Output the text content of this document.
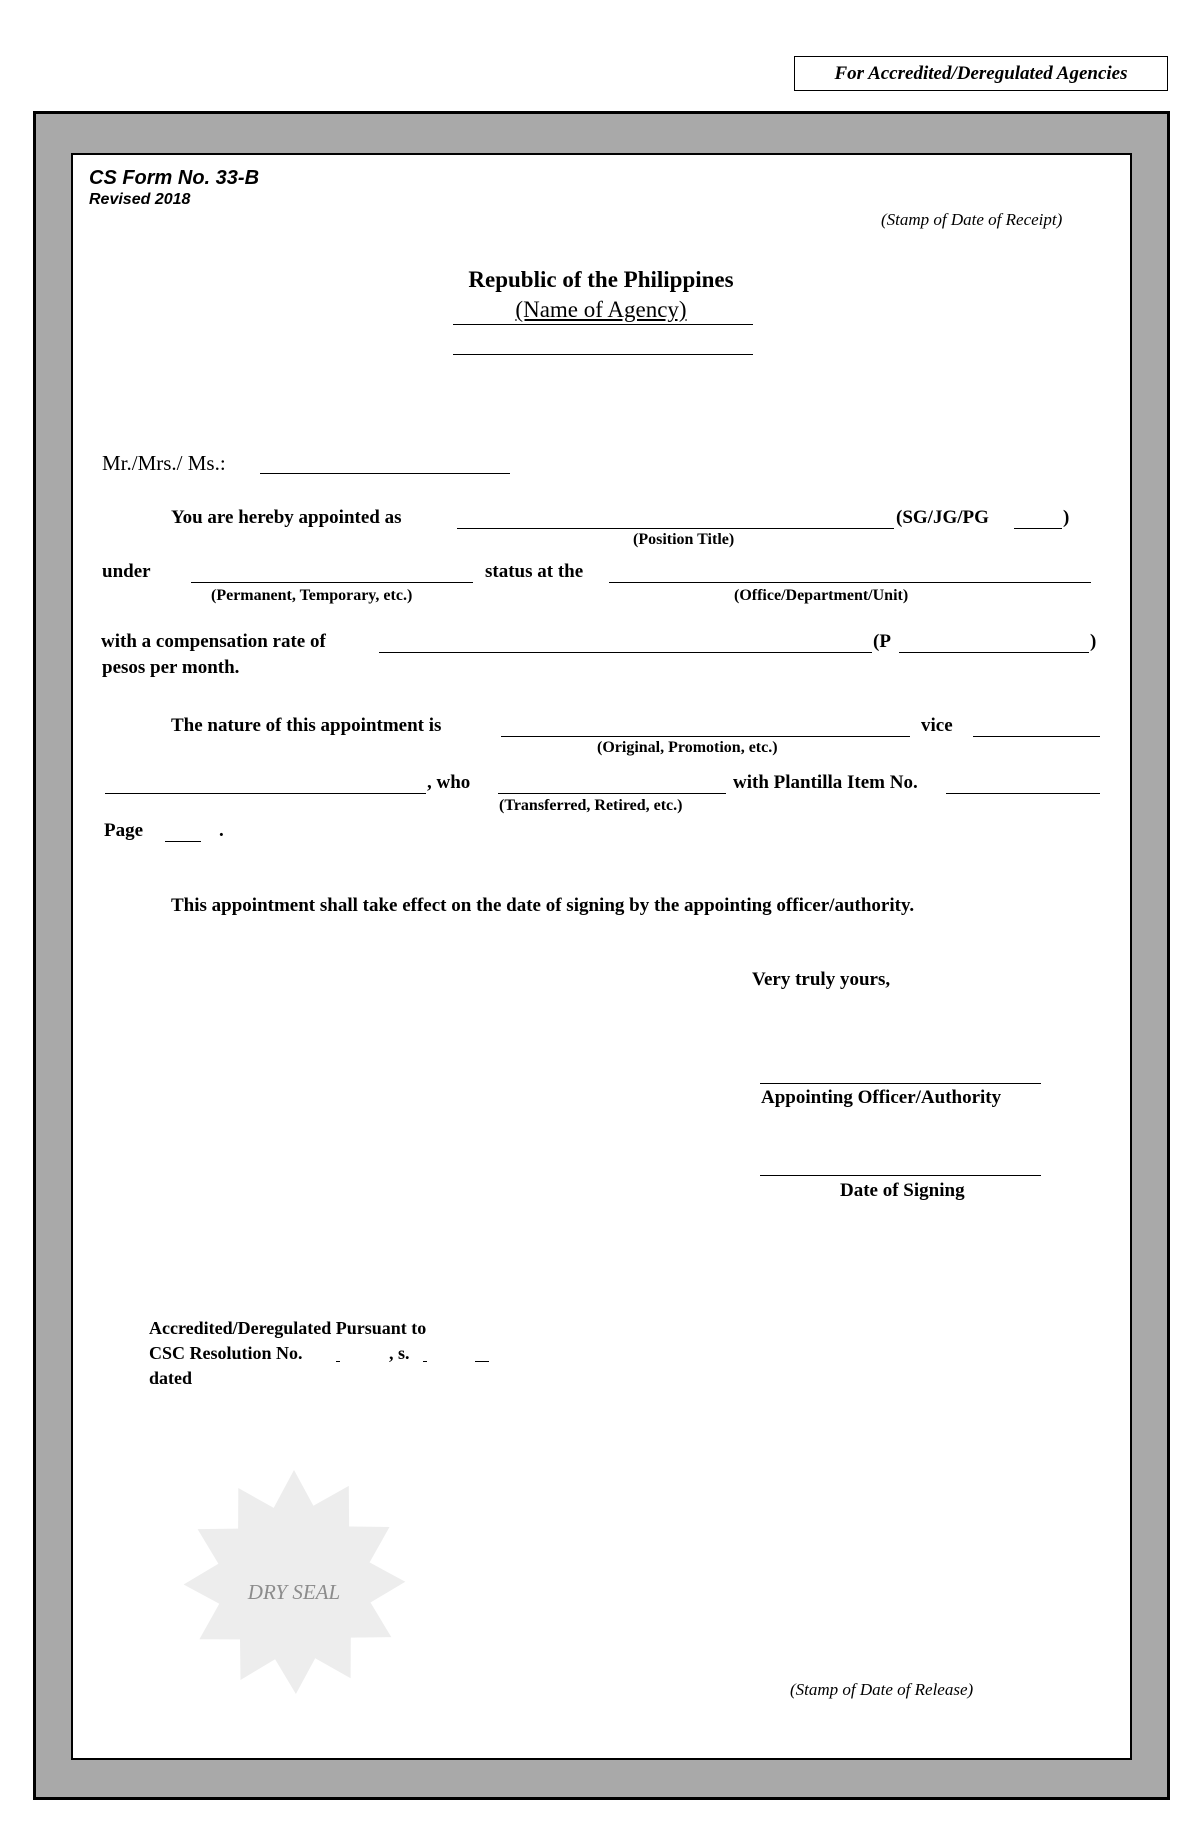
For Accredited/Deregulated Agencies
CS Form No. 33-B
Revised 2018
(Stamp of Date of Receipt)
Republic of the Philippines
(Name of Agency)
Mr./Mrs./ Ms.:
You are hereby appointed as	(SG/JG/PG	)
(Position Title)
under	status at the
(Permanent, Temporary, etc.)	(Office/Department/Unit)
with a compensation rate of	(P	)
pesos per month.
The nature of this appointment is	vice
(Original, Promotion, etc.)
, who	with Plantilla Item No.
(Transferred, Retired, etc.)
Page	.
This appointment shall take effect on the date of signing by the appointing officer/authority.
Very truly yours,
Appointing Officer/Authority
Date of Signing
Accredited/Deregulated Pursuant to
CSC Resolution No.	, s.
dated
DRY SEAL
(Stamp of Date of Release)
